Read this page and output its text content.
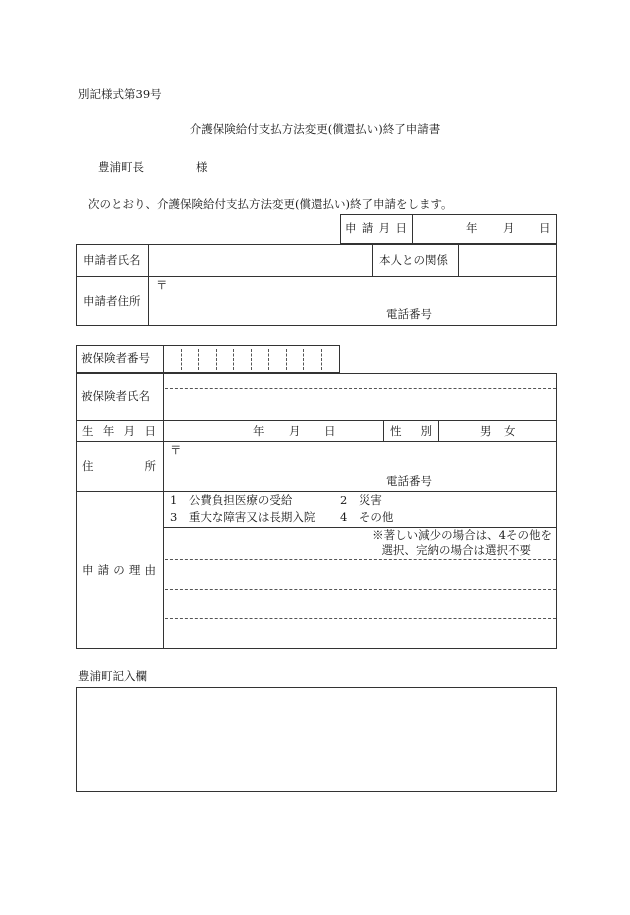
別記様式第39号
介護保険給付支払方法変更(償還払い)終了申請書
豊浦町長	様
次のとおり、介護保険給付支払方法変更(償還払い)終了申請をします。
申 請 月 日	年 月 日
申請者氏名	本人との関係
申請者住所
〒
電話番号
被保険者番号
被保険者氏名
生 年 月 日	年 月 日	性 別	男 女
住	所
〒
電話番号
申 請 の 理 由
1　公費負担医療の受給	2　災害
3　重大な障害又は長期入院 4　その他
※著しい減少の場合は、4その他を
選択、完納の場合は選択不要
豊浦町記入欄
